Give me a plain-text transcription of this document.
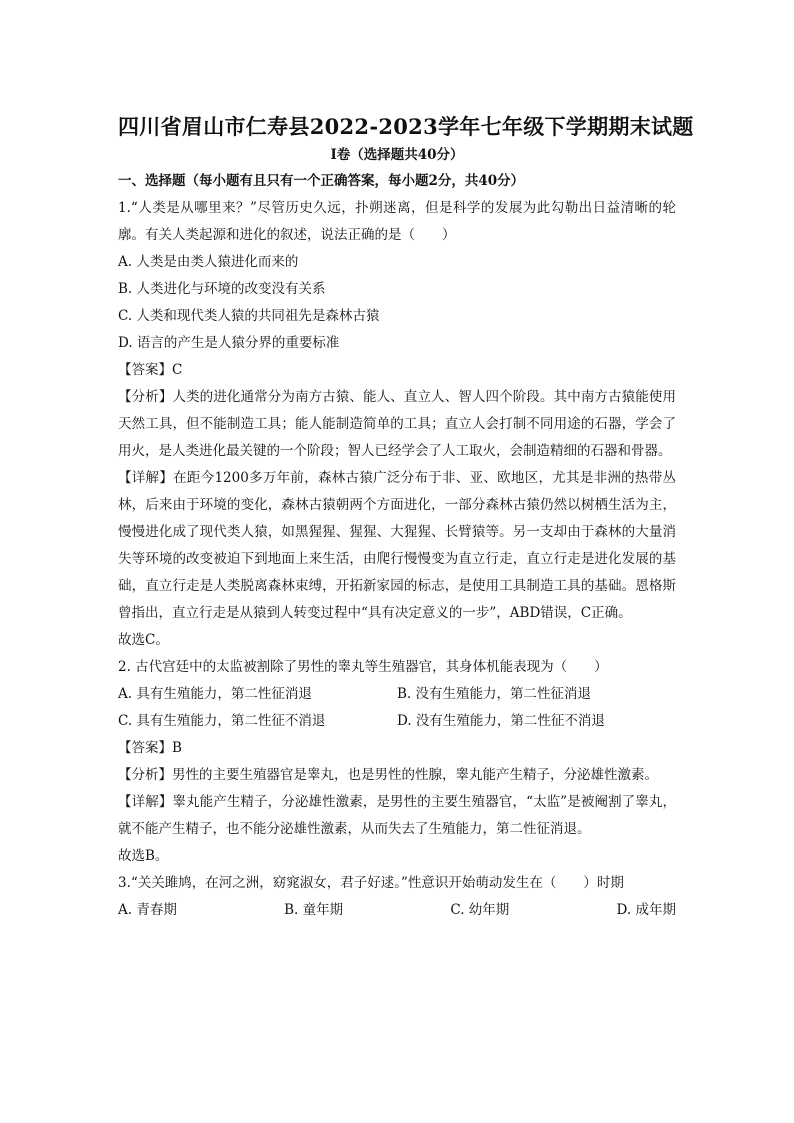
四川省眉山市仁寿县2022-2023学年七年级下学期期末试题
I卷（选择题共40分）
一、选择题（每小题有且只有一个正确答案，每小题2分，共40分）

1.“人类是从哪里来？”尽管历史久远，扑朔迷离，但是科学的发展为此勾勒出日益清晰的轮廓。有关人类起源和进化的叙述，说法正确的是（　　）

A. 人类是由类人猿进化而来的
B. 人类进化与环境的改变没有关系
C. 人类和现代类人猿的共同祖先是森林古猿
D. 语言的产生是人猿分界的重要标准

【答案】C

【分析】人类的进化通常分为南方古猿、能人、直立人、智人四个阶段。其中南方古猿能使用天然工具，但不能制造工具；能人能制造简单的工具；直立人会打制不同用途的石器，学会了用火，是人类进化最关键的一个阶段；智人已经学会了人工取火，会制造精细的石器和骨器。

【详解】在距今1200多万年前，森林古猿广泛分布于非、亚、欧地区，尤其是非洲的热带丛林，后来由于环境的变化，森林古猿朝两个方面进化，一部分森林古猿仍然以树栖生活为主，慢慢进化成了现代类人猿，如黑猩猩、猩猩、大猩猩、长臂猿等。另一支却由于森林的大量消失等环境的改变被迫下到地面上来生活，由爬行慢慢变为直立行走，直立行走是进化发展的基础，直立行走是人类脱离森林束缚，开拓新家园的标志，是使用工具制造工具的基础。恩格斯曾指出，直立行走是从猿到人转变过程中“具有决定意义的一步”，ABD错误，C正确。

故选C。

2. 古代宫廷中的太监被割除了男性的睾丸等生殖器官，其身体机能表现为（　　）

A. 具有生殖能力，第二性征消退	B. 没有生殖能力，第二性征消退
C. 具有生殖能力，第二性征不消退	D. 没有生殖能力，第二性征不消退

【答案】B

【分析】男性的主要生殖器官是睾丸，也是男性的性腺，睾丸能产生精子，分泌雄性激素。

【详解】睾丸能产生精子，分泌雄性激素，是男性的主要生殖器官，“太监”是被阉割了睾丸，就不能产生精子，也不能分泌雄性激素，从而失去了生殖能力，第二性征消退。

故选B。

3.“关关雎鸠，在河之洲，窈窕淑女，君子好逑。”性意识开始萌动发生在（　　）时期

A. 青春期	B. 童年期	C. 幼年期	D. 成年期
